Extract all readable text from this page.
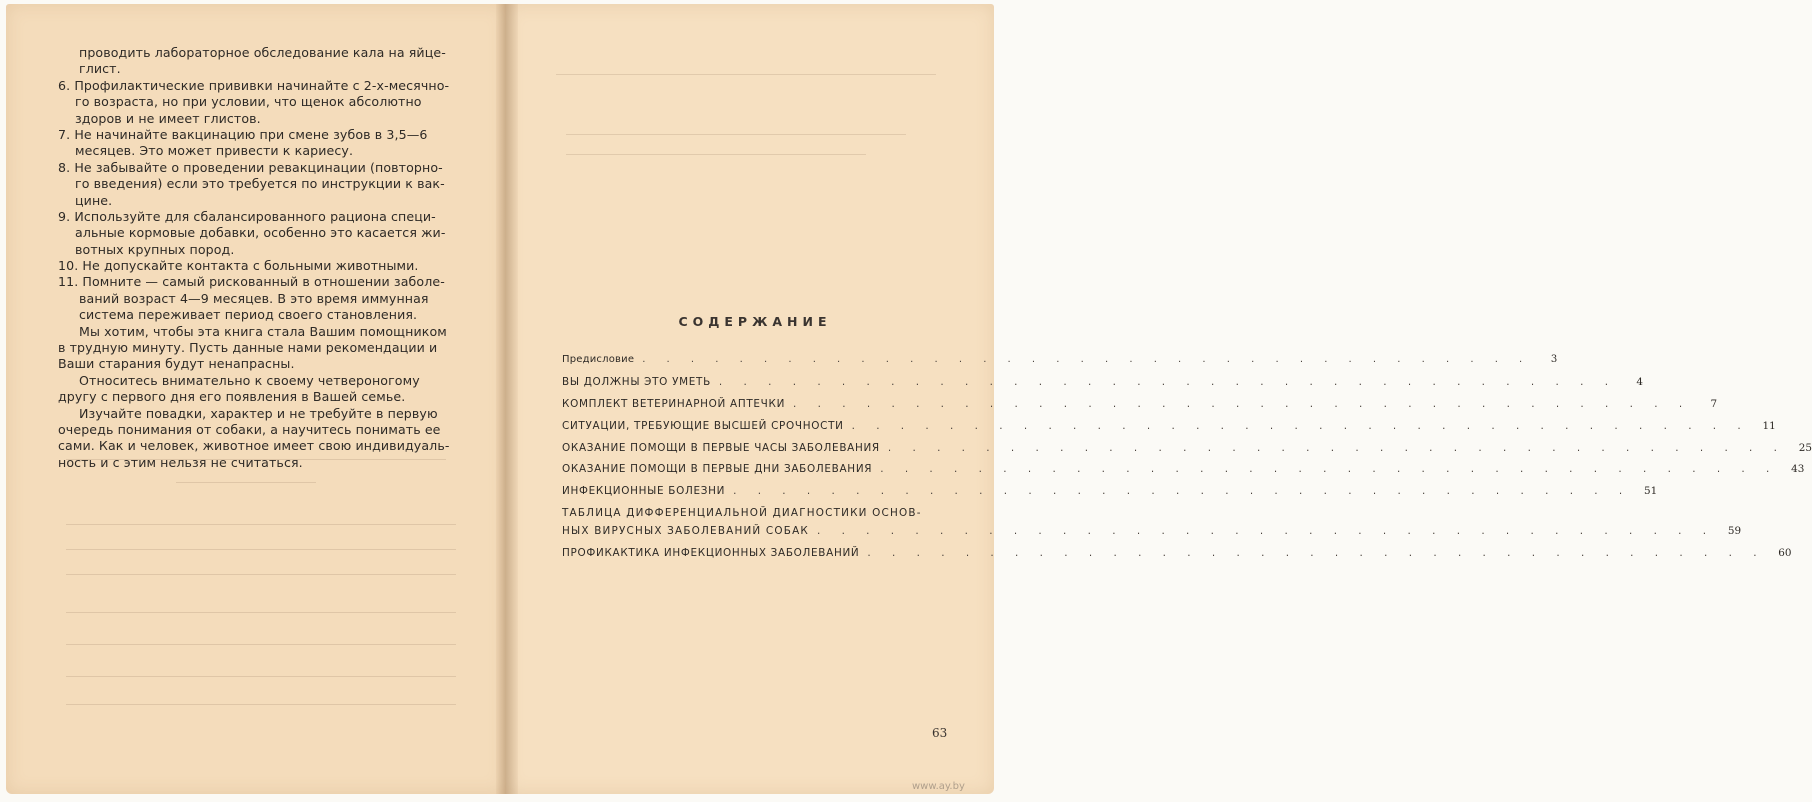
проводить лабораторное обследование кала на яйце-
глист.
6. Профилактические прививки начинайте с 2-х-месячно-
го возраста, но при условии, что щенок абсолютно
здоров и не имеет глистов.
7. Не начинайте вакцинацию при смене зубов в 3,5—6
месяцев. Это может привести к кариесу.
8. Не забывайте о проведении ревакцинации (повторно-
го введения) если это требуется по инструкции к вак-
цине.
9. Используйте для сбалансированного рациона специ-
альные кормовые добавки, особенно это касается жи-
вотных крупных пород.
10. Не допускайте контакта с больными животными.
11. Помните — самый рискованный в отношении заболе-
ваний возраст 4—9 месяцев. В это время иммунная
система переживает период своего становления.
Мы хотим, чтобы эта книга стала Вашим помощником
в трудную минуту. Пусть данные нами рекомендации и
Ваши старания будут ненапрасны.
Относитесь внимательно к своему четвероногому
другу с первого дня его появления в Вашей семье.
Изучайте повадки, характер и не требуйте в первую
очередь понимания от собаки, а научитесь понимать ее
сами. Как и человек, животное имеет свою индивидуаль-
ность и с этим нельзя не считаться.
СОДЕРЖАНИЕ
Предисловие . . . . . . . . . . . . . . . . . . . . . . . . . . . . . . . . . . . . .	3
ВЫ ДОЛЖНЫ ЭТО УМЕТЬ . . . . . . . . . . . . . . . . . . . . . . . . . . . . . . . . . . . . .	4
КОМПЛЕКТ ВЕТЕРИНАРНОЙ АПТЕЧКИ . . . . . . . . . . . . . . . . . . . . . . . . . . . . . . . . . . . . .	7
СИТУАЦИИ, ТРЕБУЮЩИЕ ВЫСШЕЙ СРОЧНОСТИ . . . . . . . . . . . . . . . . . . . . . . . . . . . . . . . . . . . . .	11
ОКАЗАНИЕ ПОМОЩИ В ПЕРВЫЕ ЧАСЫ ЗАБОЛЕВАНИЯ . . . . . . . . . . . . . . . . . . . . . . . . . . . . . . . . . . . . .	25
ОКАЗАНИЕ ПОМОЩИ В ПЕРВЫЕ ДНИ ЗАБОЛЕВАНИЯ . . . . . . . . . . . . . . . . . . . . . . . . . . . . . . . . . . . . .	43
ИНФЕКЦИОННЫЕ БОЛЕЗНИ . . . . . . . . . . . . . . . . . . . . . . . . . . . . . . . . . . . . .	51
ТАБЛИЦА ДИФФЕРЕНЦИАЛЬНОЙ ДИАГНОСТИКИ ОСНОВ-
НЫХ ВИРУСНЫХ ЗАБОЛЕВАНИЙ СОБАК . . . . . . . . . . . . . . . . . . . . . . . . . . . . . . . . . . . . .	59
ПРОФИКАКТИКА ИНФЕКЦИОННЫХ ЗАБОЛЕВАНИЙ . . . . . . . . . . . . . . . . . . . . . . . . . . . . . . . . . . . . .	60
63
www.ay.by
